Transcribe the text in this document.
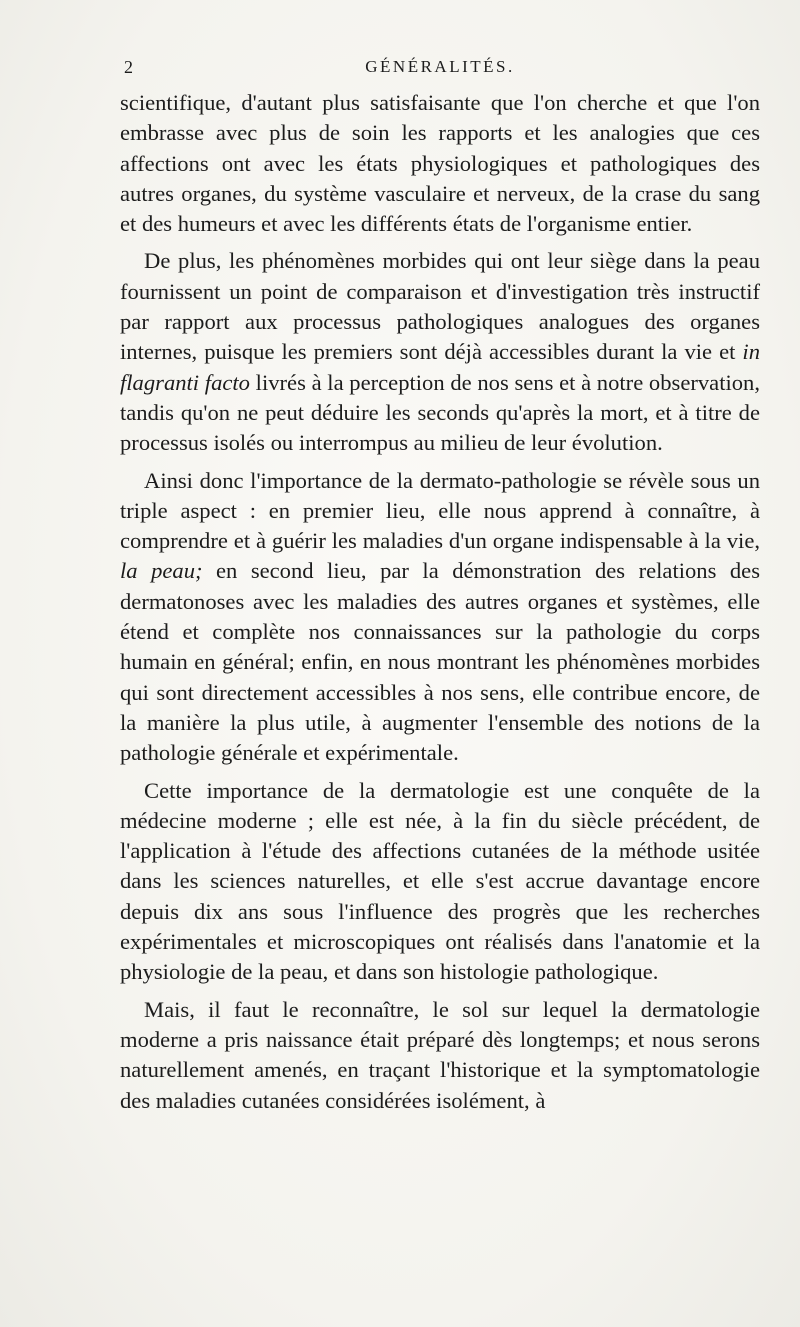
2	GÉNÉRALITÉS.

scientifique, d'autant plus satisfaisante que l'on cherche et que l'on embrasse avec plus de soin les rapports et les analogies que ces affections ont avec les états physiologiques et pathologiques des autres organes, du système vasculaire et nerveux, de la crase du sang et des humeurs et avec les différents états de l'organisme entier.

De plus, les phénomènes morbides qui ont leur siège dans la peau fournissent un point de comparaison et d'investigation très instructif par rapport aux processus pathologiques analogues des organes internes, puisque les premiers sont déjà accessibles durant la vie et in flagranti facto livrés à la perception de nos sens et à notre observation, tandis qu'on ne peut déduire les seconds qu'après la mort, et à titre de processus isolés ou interrompus au milieu de leur évolution.

Ainsi donc l'importance de la dermato-pathologie se révèle sous un triple aspect : en premier lieu, elle nous apprend à connaître, à comprendre et à guérir les maladies d'un organe indispensable à la vie, la peau; en second lieu, par la démonstration des relations des dermatonoses avec les maladies des autres organes et systèmes, elle étend et complète nos connaissances sur la pathologie du corps humain en général; enfin, en nous montrant les phénomènes morbides qui sont directement accessibles à nos sens, elle contribue encore, de la manière la plus utile, à augmenter l'ensemble des notions de la pathologie générale et expérimentale.

Cette importance de la dermatologie est une conquête de la médecine moderne ; elle est née, à la fin du siècle précédent, de l'application à l'étude des affections cutanées de la méthode usitée dans les sciences naturelles, et elle s'est accrue davantage encore depuis dix ans sous l'influence des progrès que les recherches expérimentales et microscopiques ont réalisés dans l'anatomie et la physiologie de la peau, et dans son histologie pathologique.

Mais, il faut le reconnaître, le sol sur lequel la dermatologie moderne a pris naissance était préparé dès longtemps; et nous serons naturellement amenés, en traçant l'historique et la symptomatologie des maladies cutanées considérées isolément, à
